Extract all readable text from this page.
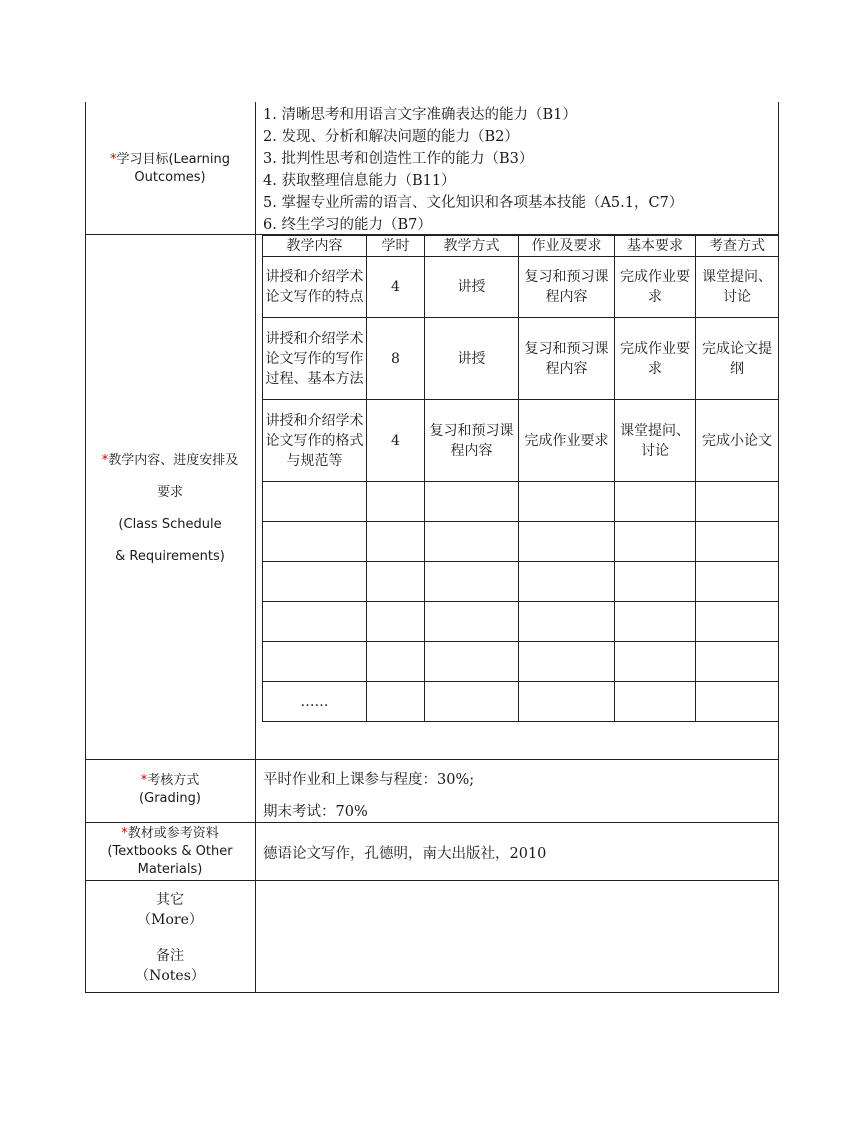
*学习目标(Learning
Outcomes)
1. 清晰思考和用语言文字准确表达的能力（B1）
2. 发现、分析和解决问题的能力（B2）
3. 批判性思考和创造性工作的能力（B3）
4. 获取整理信息能力（B11）
5. 掌握专业所需的语言、文化知识和各项基本技能（A5.1，C7）
6. 终生学习的能力（B7）
*教学内容、进度安排及
要求
(Class Schedule
& Requirements)
教学内容	学时	教学方式	作业及要求	基本要求	考查方式
讲授和介绍学术论文写作的特点	4	讲授	复习和预习课程内容	完成作业要求	课堂提问、讨论
讲授和介绍学术论文写作的写作过程、基本方法	8	讲授	复习和预习课程内容	完成作业要求	完成论文提纲
讲授和介绍学术论文写作的格式与规范等	4	复习和预习课程内容	完成作业要求	课堂提问、讨论	完成小论文

……					
*考核方式
(Grading)
平时作业和上课参与程度：30%;
期末考试：70%
*教材或参考资料
(Textbooks & Other
Materials)
德语论文写作，孔德明，南大出版社，2010
其它
（More）
备注
（Notes）
